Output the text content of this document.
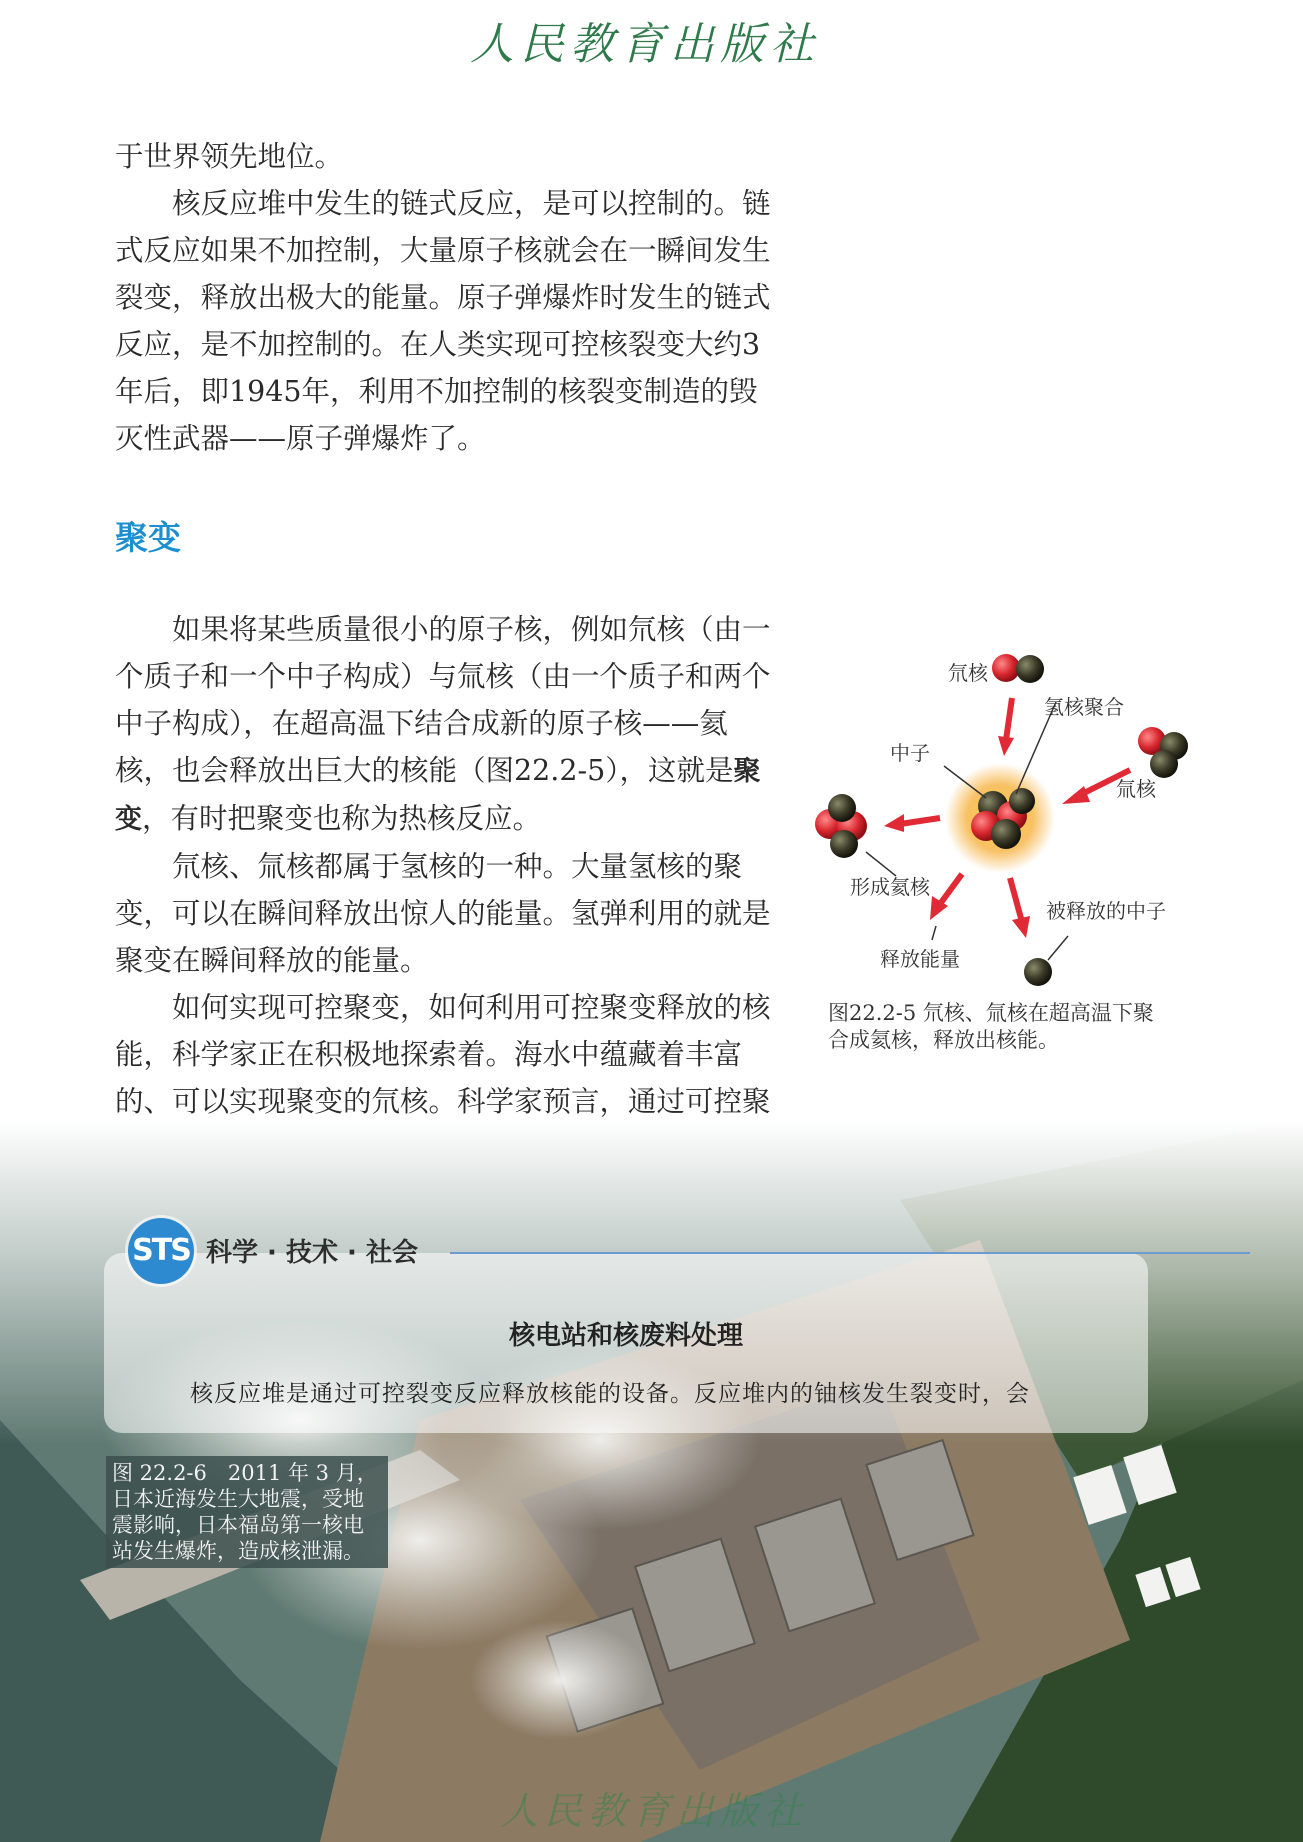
人民教育出版社

于世界领先地位。

核反应堆中发生的链式反应，是可以控制的。链式反应如果不加控制，大量原子核就会在一瞬间发生裂变，释放出极大的能量。原子弹爆炸时发生的链式反应，是不加控制的。在人类实现可控核裂变大约3年后，即1945年，利用不加控制的核裂变制造的毁灭性武器——原子弹爆炸了。

聚变

如果将某些质量很小的原子核，例如氘核（由一个质子和一个中子构成）与氚核（由一个质子和两个中子构成），在超高温下结合成新的原子核——氦核，也会释放出巨大的核能（图22.2-5），这就是聚变，有时把聚变也称为热核反应。

氘核、氚核都属于氢核的一种。大量氢核的聚变，可以在瞬间释放出惊人的能量。氢弹利用的就是聚变在瞬间释放的能量。

如何实现可控聚变，如何利用可控聚变释放的核能，科学家正在积极地探索着。海水中蕴藏着丰富的、可以实现聚变的氘核。科学家预言，通过可控聚

氘核
氢核聚合
中子
氚核
形成氦核
被释放的中子
释放能量
图22.2-5 氘核、氚核在超高温下聚合成氦核，释放出核能。
核电站和核废料处理
核反应堆是通过可控裂变反应释放核能的设备。反应堆内的铀核发生裂变时，会
STS 科学 · 技术 · 社会
图 22.2-6　2011 年 3 月，日本近海发生大地震，受地震影响，日本福岛第一核电站发生爆炸，造成核泄漏。
人民教育出版社
